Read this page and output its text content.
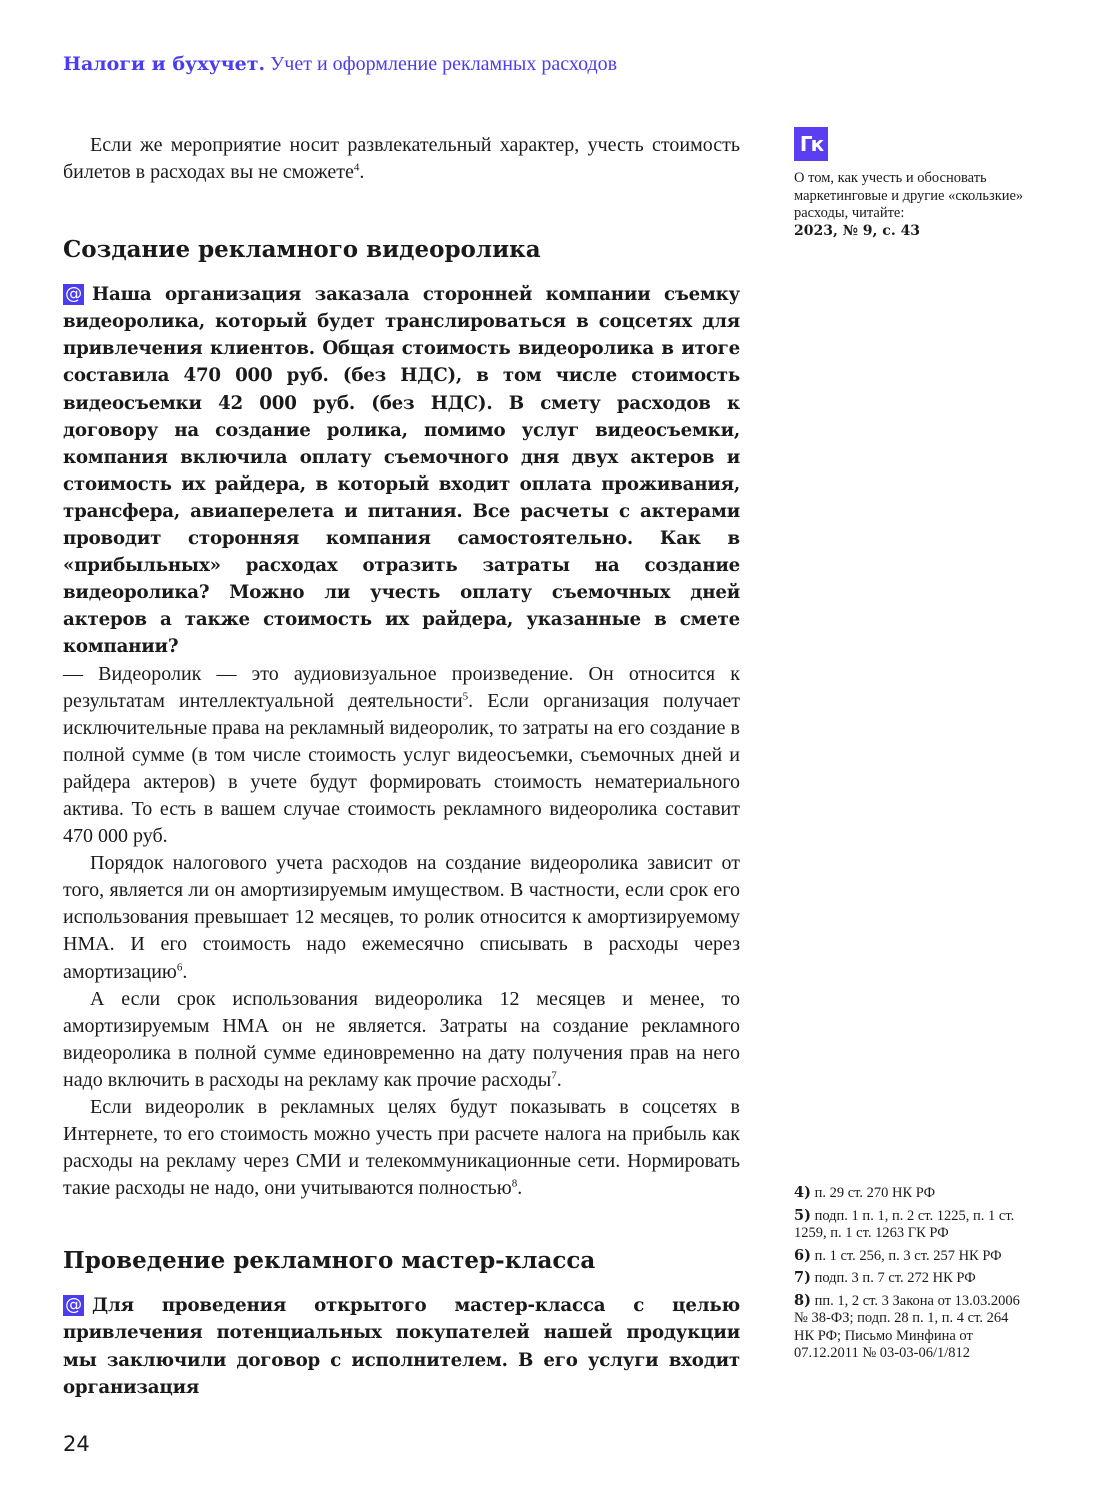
Налоги и бухучет. Учет и оформление рекламных расходов

Если же мероприятие носит развлекательный характер, учесть стоимость билетов в расходах вы не сможете$^4$.

Создание рекламного видеоролика

@ Наша организация заказала сторонней компании съемку видеоролика, который будет транслироваться в соцсетях для привлечения клиентов. Общая стоимость видеоролика в итоге составила 470 000 руб. (без НДС), в том числе стоимость видеосъемки 42 000 руб. (без НДС). В смету расходов к договору на создание ролика, помимо услуг видеосъемки, компания включила оплату съемочного дня двух актеров и стоимость их райдера, в который входит оплата проживания, трансфера, авиаперелета и питания. Все расчеты с актерами проводит сторонняя компания самостоятельно. Как в «прибыльных» расходах отразить затраты на создание видеоролика? Можно ли учесть оплату съемочных дней актеров а также стоимость их райдера, указанные в смете компании?

— Видеоролик — это аудиовизуальное произведение. Он относится к результатам интеллектуальной деятельности$^5$. Если организация получает исключительные права на рекламный видеоролик, то затраты на его создание в полной сумме (в том числе стоимость услуг видеосъемки, съемочных дней и райдера актеров) в учете будут формировать стоимость нематериального актива. То есть в вашем случае стоимость рекламного видеоролика составит 470 000 руб.

Порядок налогового учета расходов на создание видеоролика зависит от того, является ли он амортизируемым имуществом. В частности, если срок его использования превышает 12 месяцев, то ролик относится к амортизируемому НМА. И его стоимость надо ежемесячно списывать в расходы через амортизацию$^6$.

А если срок использования видеоролика 12 месяцев и менее, то амортизируемым НМА он не является. Затраты на создание рекламного видеоролика в полной сумме единовременно на дату получения прав на него надо включить в расходы на рекламу как прочие расходы$^7$.

Если видеоролик в рекламных целях будут показывать в соцсетях в Интернете, то его стоимость можно учесть при расчете налога на прибыль как расходы на рекламу через СМИ и телекоммуникационные сети. Нормировать такие расходы не надо, они учитываются полностью$^8$.

Проведение рекламного мастер-класса

@ Для проведения открытого мастер-класса с целью привлечения потенциальных покупателей нашей продукции мы заключили договор с исполнителем. В его услуги входит организация

Гк
О том, как учесть и обосновать маркетинговые и другие «скользкие» расходы, читайте:
2023, № 9, с. 43
4) п. 29 ст. 270 НК РФ
5) подп. 1 п. 1, п. 2 ст. 1225, п. 1 ст. 1259, п. 1 ст. 1263 ГК РФ
6) п. 1 ст. 256, п. 3 ст. 257 НК РФ
7) подп. 3 п. 7 ст. 272 НК РФ
8) пп. 1, 2 ст. 3 Закона от 13.03.2006 № 38-ФЗ; подп. 28 п. 1, п. 4 ст. 264 НК РФ; Письмо Минфина от 07.12.2011 № 03-03-06/1/812
24
